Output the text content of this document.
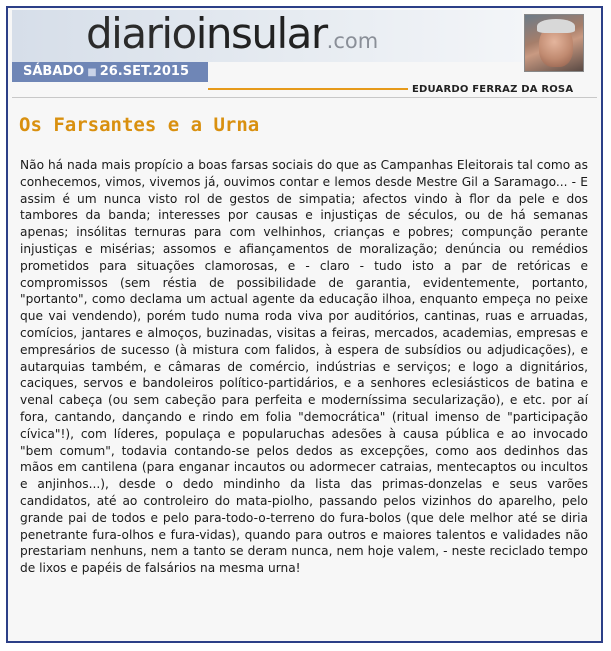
diarioinsular.com
SÁBADO ■ 26.SET.2015
EDUARDO FERRAZ DA ROSA
Os Farsantes e a Urna

Não há nada mais propício a boas farsas sociais do que as Campanhas Eleitorais tal como as conhecemos, vimos, vivemos já, ouvimos contar e lemos desde Mestre Gil a Saramago... - E assim é um nunca visto rol de gestos de simpatia; afectos vindo à flor da pele e dos tambores da banda; interesses por causas e injustiças de séculos, ou de há semanas apenas; insólitas ternuras para com velhinhos, crianças e pobres; compunção perante injustiças e misérias; assomos e afiançamentos de moralização; denúncia ou remédios prometidos para situações clamorosas, e - claro - tudo isto a par de retóricas e compromissos (sem réstia de possibilidade de garantia, evidentemente, portanto, "portanto", como declama um actual agente da educação ilhoa, enquanto empeça no peixe que vai vendendo), porém tudo numa roda viva por auditórios, cantinas, ruas e arruadas, comícios, jantares e almoços, buzinadas, visitas a feiras, mercados, academias, empresas e empresários de sucesso (à mistura com falidos, à espera de subsídios ou adjudicações), e autarquias também, e câmaras de comércio, indústrias e serviços; e logo a dignitários, caciques, servos e bandoleiros político-partidários, e a senhores eclesiásticos de batina e venal cabeça (ou sem cabeção para perfeita e moderníssima secularização), e etc. por aí fora, cantando, dançando e rindo em folia "democrática" (ritual imenso de "participação cívica"!), com líderes, populaça e popularuchas adesões à causa pública e ao invocado "bem comum", todavia contando-se pelos dedos as excepções, como aos dedinhos das mãos em cantilena (para enganar incautos ou adormecer catraias, mentecaptos ou incultos e anjinhos...), desde o dedo mindinho da lista das primas-donzelas e seus varões candidatos, até ao controleiro do mata-piolho, passando pelos vizinhos do aparelho, pelo grande pai de todos e pelo para-todo-o-terreno do fura-bolos (que dele melhor até se diria penetrante fura-olhos e fura-vidas), quando para outros e maiores talentos e validades não prestariam nenhuns, nem a tanto se deram nunca, nem hoje valem, - neste reciclado tempo de lixos e papéis de falsários na mesma urna!
